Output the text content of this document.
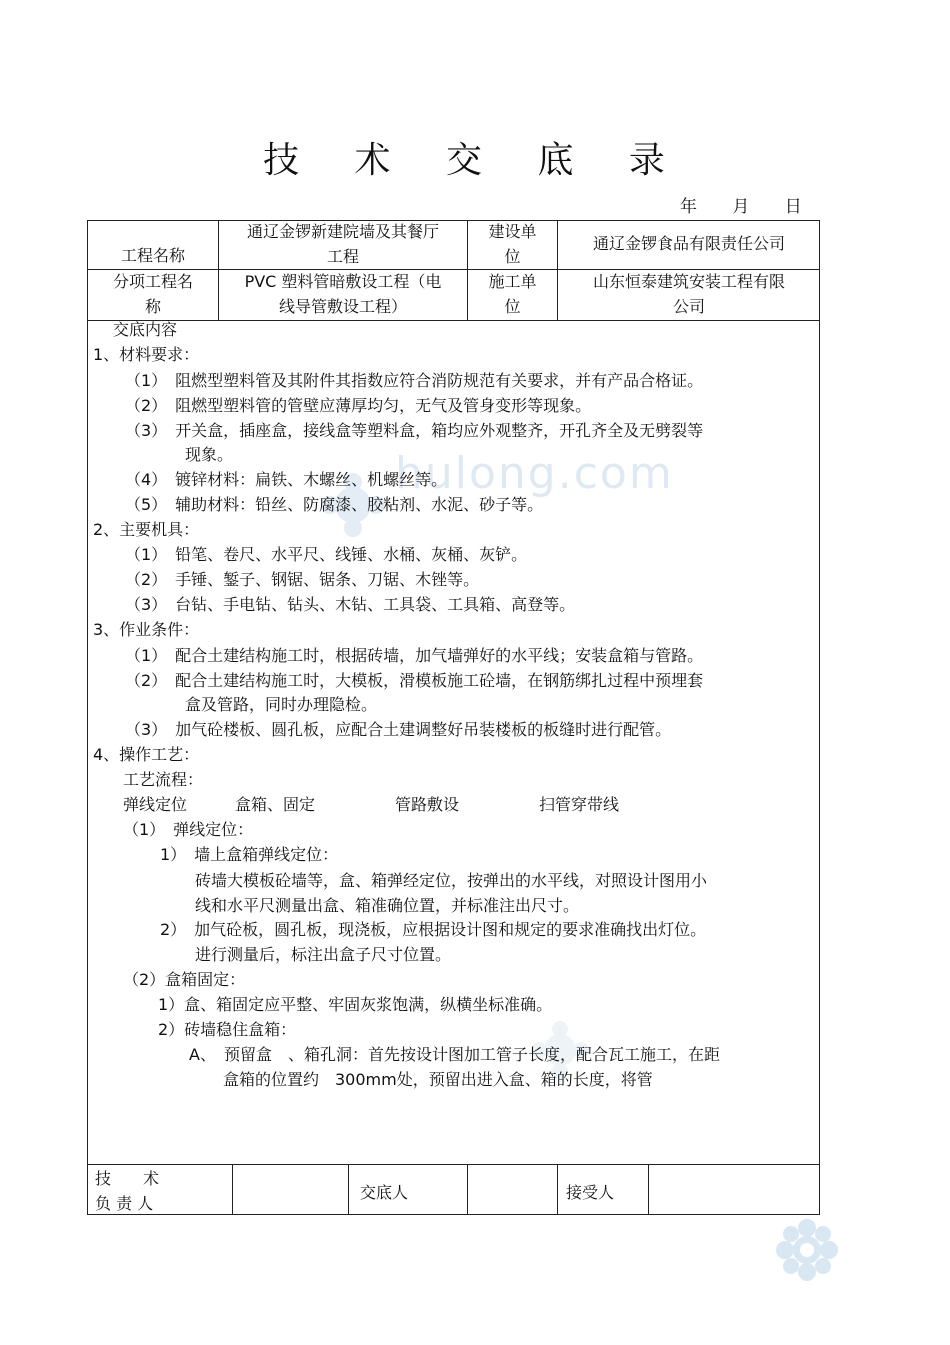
技 术 交 底 录
年 月 日
hulong.com
工程名称
通辽金锣新建院墙及其餐厅
工程
建设单
位
通辽金锣食品有限责任公司
分项工程名
称
PVC 塑料管暗敷设工程（电
线导管敷设工程）
施工单
位
山东恒泰建筑安装工程有限
公司
交底内容
1、材料要求：
（1）　阻燃型塑料管及其附件其指数应符合消防规范有关要求，并有产品合格证。
（2）　阻燃型塑料管的管壁应薄厚均匀，无气及管身变形等现象。
（3）　开关盒，插座盒，接线盒等塑料盒，箱均应外观整齐，开孔齐全及无劈裂等
现象。
（4）　镀锌材料：扁铁、木螺丝、机螺丝等。
（5）　辅助材料：铅丝、防腐漆、胶粘剂、水泥、砂子等。
2、主要机具：
（1）　铅笔、卷尺、水平尺、线锤、水桶、灰桶、灰铲。
（2）　手锤、錾子、钢锯、锯条、刀锯、木锉等。
（3）　台钻、手电钻、钻头、木钻、工具袋、工具箱、高登等。
3、作业条件：
（1）　配合土建结构施工时，根据砖墙，加气墙弹好的水平线；安装盒箱与管路。
（2）　配合土建结构施工时，大模板，滑模板施工砼墙，在钢筋绑扎过程中预埋套
盒及管路，同时办理隐检。
（3）　加气砼楼板、圆孔板，应配合土建调整好吊装楼板的板缝时进行配管。
4、操作工艺：
工艺流程：
弹线定位　　　盒箱、固定　　　　　管路敷设　　　　　扫管穿带线
（1）　弹线定位：
1）　墙上盒箱弹线定位：
砖墙大模板砼墙等，盒、箱弹经定位，按弹出的水平线，对照设计图用小
线和水平尺测量出盒、箱准确位置，并标准注出尺寸。
2）　加气砼板，圆孔板，现浇板，应根据设计图和规定的要求准确找出灯位。
进行测量后，标注出盒子尺寸位置。
（2）盒箱固定：
1）盒、箱固定应平整、牢固灰浆饱满，纵横坐标准确。
2）砖墙稳住盒箱：
A、　预留盒　、箱孔洞：首先按设计图加工管子长度，配合瓦工施工，在距
盒箱的位置约　300mm处，预留出进入盒、箱的长度，将管
技　　术
负 责 人
交底人	接受人
